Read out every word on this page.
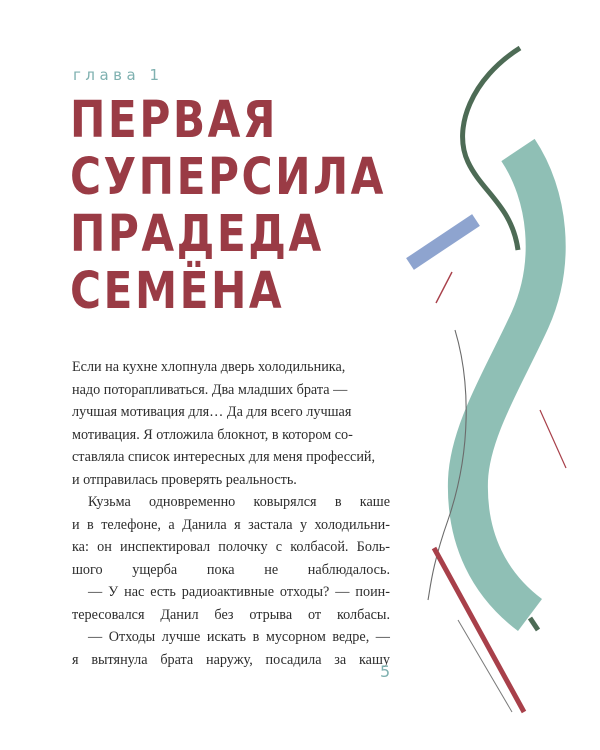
глава 1
ПЕРВАЯ
СУПЕРСИЛА
ПРАДЕДА
СЕМЁНА

Если на кухне хлопнула дверь холодильника,
надо поторапливаться. Два младших брата —
лучшая мотивация для… Да для всего лучшая
мотивация. Я отложила блокнот, в котором со-
ставляла список интересных для меня профессий,
и отправилась проверять реальность.

Кузьма одновременно ковырялся в каше

и в телефоне, а Данила я застала у холодильни-
ка: он инспектировал полочку с колбасой. Боль-
шого ущерба пока не наблюдалось.

— У нас есть радиоактивные отходы? — поин-

тересовался Данил без отрыва от колбасы.

— Отходы лучше искать в мусорном ведре, —

я вытянула брата наружу, посадила за кашу

5
